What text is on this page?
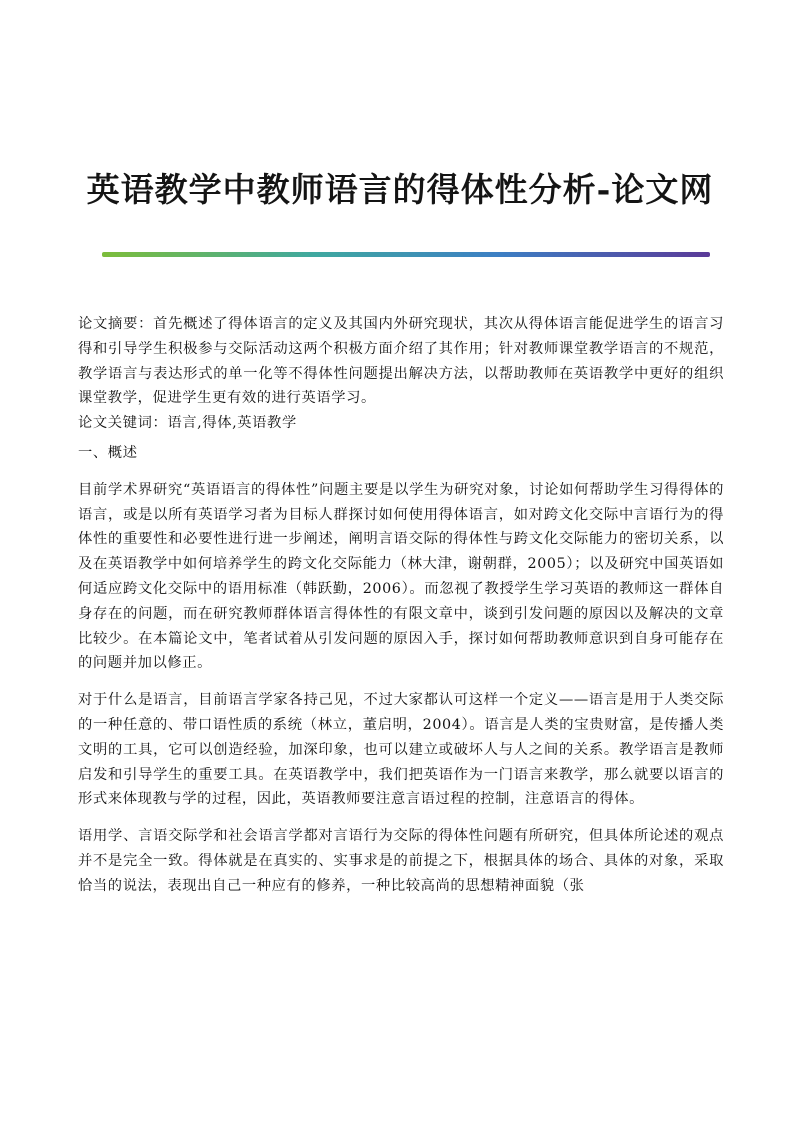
英语教学中教师语言的得体性分析-论文网

论文摘要：首先概述了得体语言的定义及其国内外研究现状，其次从得体语言能促进学生的语言习得和引导学生积极参与交际活动这两个积极方面介绍了其作用；针对教师课堂教学语言的不规范，教学语言与表达形式的单一化等不得体性问题提出解决方法，以帮助教师在英语教学中更好的组织课堂教学，促进学生更有效的进行英语学习。

论文关键词：语言,得体,英语教学

一、概述

目前学术界研究“英语语言的得体性”问题主要是以学生为研究对象，讨论如何帮助学生习得得体的语言，或是以所有英语学习者为目标人群探讨如何使用得体语言，如对跨文化交际中言语行为的得体性的重要性和必要性进行进一步阐述，阐明言语交际的得体性与跨文化交际能力的密切关系，以及在英语教学中如何培养学生的跨文化交际能力（林大津，谢朝群，2005）；以及研究中国英语如何适应跨文化交际中的语用标准（韩跃勤，2006）。而忽视了教授学生学习英语的教师这一群体自身存在的问题，而在研究教师群体语言得体性的有限文章中，谈到引发问题的原因以及解决的文章比较少。在本篇论文中，笔者试着从引发问题的原因入手，探讨如何帮助教师意识到自身可能存在的问题并加以修正。

对于什么是语言，目前语言学家各持己见，不过大家都认可这样一个定义——语言是用于人类交际的一种任意的、带口语性质的系统（林立，董启明，2004）。语言是人类的宝贵财富，是传播人类文明的工具，它可以创造经验，加深印象，也可以建立或破坏人与人之间的关系。教学语言是教师启发和引导学生的重要工具。在英语教学中，我们把英语作为一门语言来教学，那么就要以语言的形式来体现教与学的过程，因此，英语教师要注意言语过程的控制，注意语言的得体。

语用学、言语交际学和社会语言学都对言语行为交际的得体性问题有所研究，但具体所论述的观点并不是完全一致。得体就是在真实的、实事求是的前提之下，根据具体的场合、具体的对象，采取恰当的说法，表现出自己一种应有的修养，一种比较高尚的思想精神面貌（张
